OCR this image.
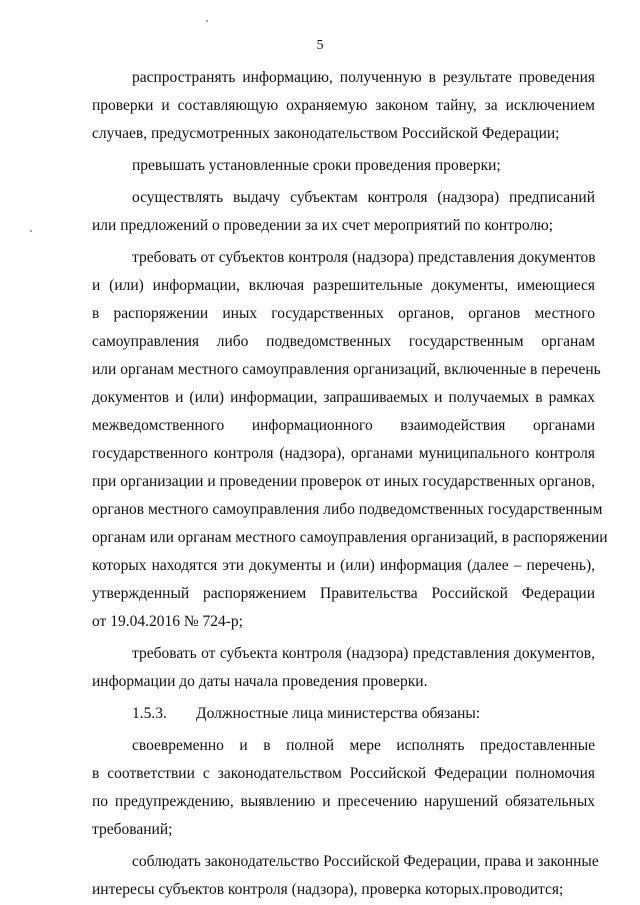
5
распространять информацию, полученную в результате проведения
проверки и составляющую охраняемую законом тайну, за исключением
случаев, предусмотренных законодательством Российской Федерации;
превышать установленные сроки проведения проверки;
осуществлять выдачу субъектам контроля (надзора) предписаний
или предложений о проведении за их счет мероприятий по контролю;
требовать от субъектов контроля (надзора) представления документов
и (или) информации, включая разрешительные документы, имеющиеся
в распоряжении иных государственных органов, органов местного
самоуправления либо подведомственных государственным органам
или органам местного самоуправления организаций, включенные в перечень
документов и (или) информации, запрашиваемых и получаемых в рамках
межведомственного информационного взаимодействия органами
государственного контроля (надзора), органами муниципального контроля
при организации и проведении проверок от иных государственных органов,
органов местного самоуправления либо подведомственных государственным
органам или органам местного самоуправления организаций, в распоряжении
которых находятся эти документы и (или) информация (далее – перечень),
утвержденный распоряжением Правительства Российской Федерации
от 19.04.2016 № 724-р;
требовать от субъекта контроля (надзора) представления документов,
информации до даты начала проведения проверки.
1.5.3. Должностные лица министерства обязаны:
своевременно и в полной мере исполнять предоставленные
в соответствии с законодательством Российской Федерации полномочия
по предупреждению, выявлению и пресечению нарушений обязательных
требований;
соблюдать законодательство Российской Федерации, права и законные
интересы субъектов контроля (надзора), проверка которых.проводится;
